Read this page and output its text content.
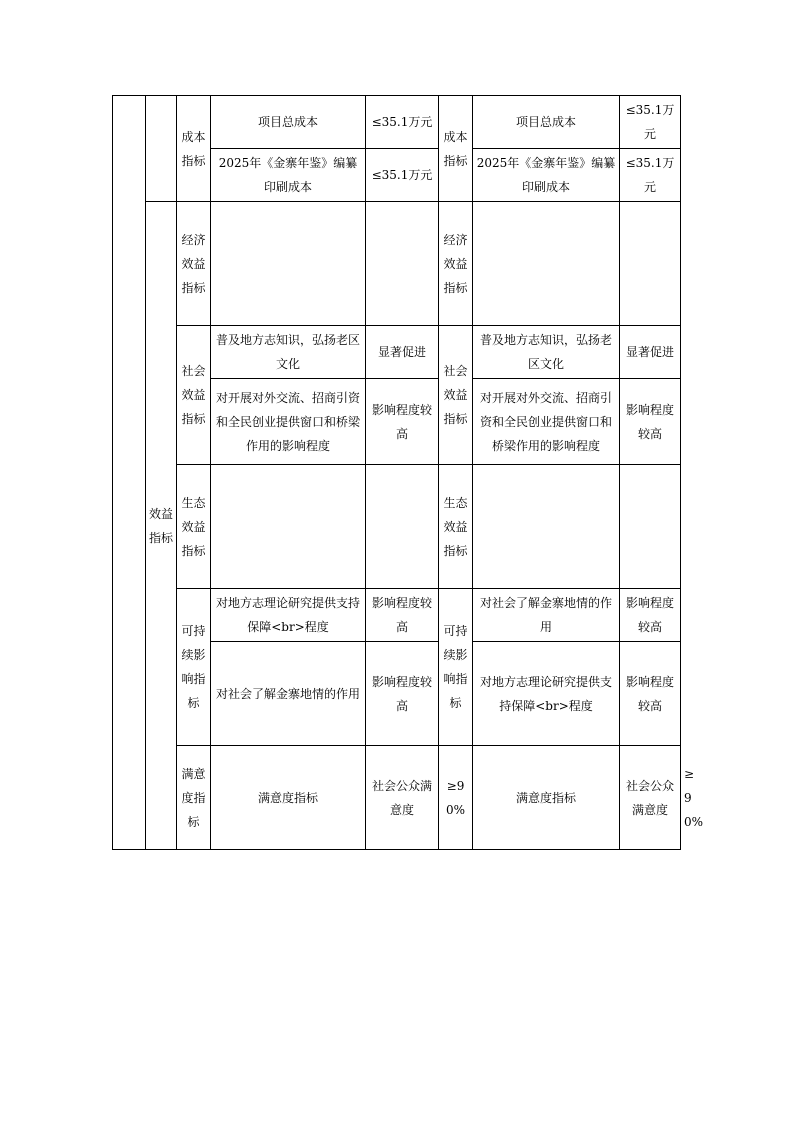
		成本指标	项目总成本	≤35.1万元	成本指标	项目总成本	≤35.1万元	
			2025年《金寨年鉴》编纂印刷成本	≤35.1万元		2025年《金寨年鉴》编纂印刷成本	≤35.1万元	
	效益指标	经济效益指标			经济效益指标			
		社会效益指标	普及地方志知识，弘扬老区文化	显著促进	社会效益指标	普及地方志知识，弘扬老区文化	显著促进	
			对开展对外交流、招商引资和全民创业提供窗口和桥梁作用的影响程度	影响程度较高		对开展对外交流、招商引资和全民创业提供窗口和桥梁作用的影响程度	影响程度较高	
		生态效益指标			生态效益指标			
		可持续影响指标	对地方志理论研究提供支持保障<br>程度	影响程度较高	可持续影响指标	对社会了解金寨地情的作用	影响程度较高	
			对社会了解金寨地情的作用	影响程度较高		对地方志理论研究提供支持保障<br>程度	影响程度较高	
		满意度指标	满意度指标	社会公众满意度	≥90%	满意度指标	社会公众满意度	≥90%
